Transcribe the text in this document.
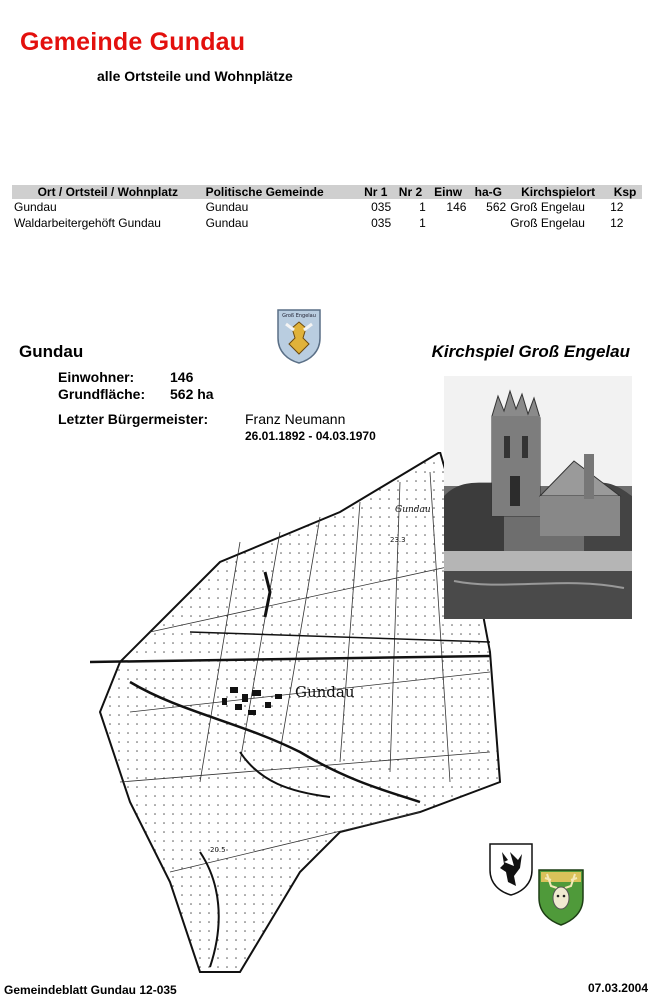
Gemeinde Gundau
alle Ortsteile und Wohnplätze
Ort / Ortsteil / Wohnplatz	Politische Gemeinde	Nr 1	Nr 2	Einw	ha-G	Kirchspielort	Ksp
Gundau	Gundau	035	1	146	562	Groß Engelau	12
Waldarbeitergehöft Gundau	Gundau	035	1			Groß Engelau	12
Groß Engelau
Gundau	Kirchspiel Groß Engelau
Einwohner:	146
Grundfläche: 562 ha
Letzter Bürgermeister:	Franz Neumann
26.01.1892 - 04.03.1970
Gundau
Gundau
23.3
20.5
Gemeindeblatt Gundau 12-035	07.03.2004
